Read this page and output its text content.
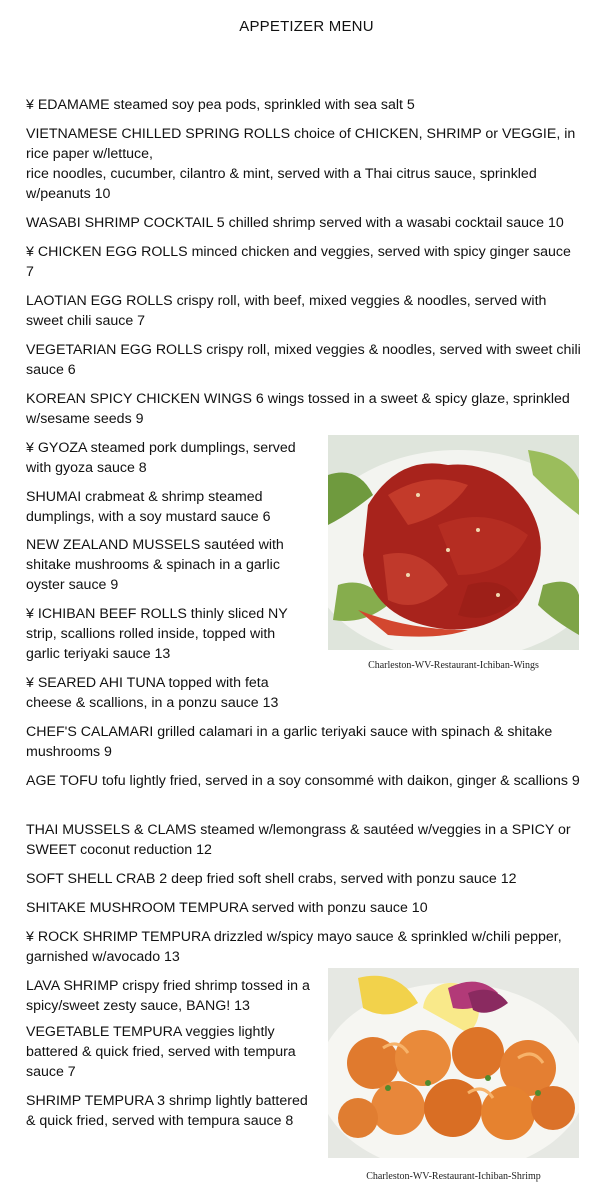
APPETIZER MENU
¥ EDAMAME steamed soy pea pods, sprinkled with sea salt 5
VIETNAMESE CHILLED SPRING ROLLS choice of CHICKEN, SHRIMP or VEGGIE, in rice paper w/lettuce,
rice noodles, cucumber, cilantro & mint, served with a Thai citrus sauce, sprinkled w/peanuts 10
WASABI SHRIMP COCKTAIL 5 chilled shrimp served with a wasabi cocktail sauce 10
¥ CHICKEN EGG ROLLS minced chicken and veggies, served with spicy ginger sauce 7
LAOTIAN EGG ROLLS crispy roll, with beef, mixed veggies & noodles, served with sweet chili sauce 7
VEGETARIAN EGG ROLLS crispy roll, mixed veggies & noodles, served with sweet chili sauce 6
KOREAN SPICY CHICKEN WINGS 6 wings tossed in a sweet & spicy glaze, sprinkled w/sesame seeds 9
¥ GYOZA steamed pork dumplings, served with gyoza sauce 8
SHUMAI crabmeat & shrimp steamed dumplings, with a soy mustard sauce 6
NEW ZEALAND MUSSELS sautéed with shitake mushrooms & spinach in a garlic oyster sauce 9
¥ ICHIBAN BEEF ROLLS thinly sliced NY strip, scallions rolled inside, topped with garlic teriyaki sauce 13
¥ SEARED AHI TUNA topped with feta cheese & scallions, in a ponzu sauce 13
CHEF'S CALAMARI grilled calamari in a garlic teriyaki sauce with spinach & shitake mushrooms 9
AGE TOFU tofu lightly fried, served in a soy consommé with daikon, ginger & scallions 9
THAI MUSSELS & CLAMS steamed w/lemongrass & sautéed w/veggies in a SPICY or SWEET coconut reduction 12
SOFT SHELL CRAB 2 deep fried soft shell crabs, served with ponzu sauce 12
SHITAKE MUSHROOM TEMPURA served with ponzu sauce 10
¥ ROCK SHRIMP TEMPURA drizzled w/spicy mayo sauce & sprinkled w/chili pepper, garnished w/avocado 13
LAVA SHRIMP crispy fried shrimp tossed in a spicy/sweet zesty sauce, BANG! 13
VEGETABLE TEMPURA veggies lightly battered & quick fried, served with tempura sauce 7
SHRIMP TEMPURA 3 shrimp lightly battered & quick fried, served with tempura sauce 8
Charleston-WV-Restaurant-Ichiban-Wings
Charleston-WV-Restaurant-Ichiban-Shrimp
